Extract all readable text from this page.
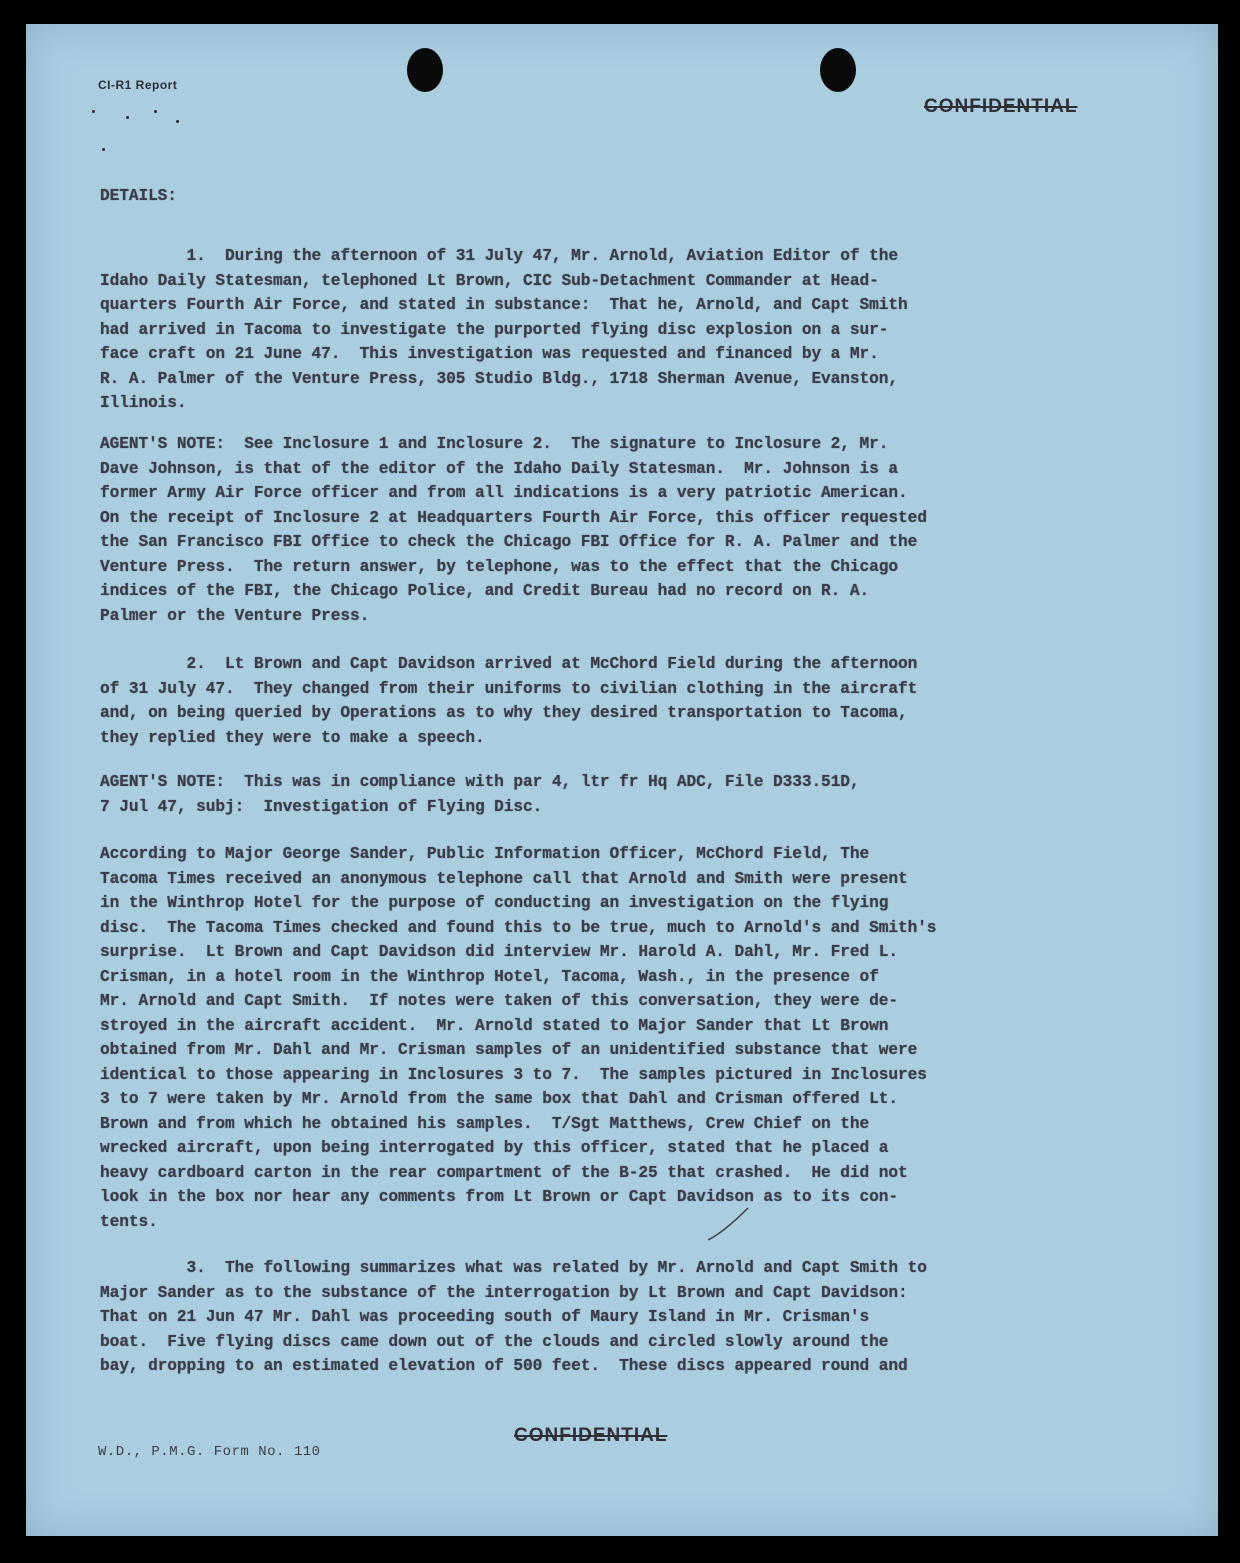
CI-R1 Report
CONFIDENTIAL
DETAILS:
1.  During the afternoon of 31 July 47, Mr. Arnold, Aviation Editor of the
Idaho Daily Statesman, telephoned Lt Brown, CIC Sub-Detachment Commander at Head-
quarters Fourth Air Force, and stated in substance:  That he, Arnold, and Capt Smith
had arrived in Tacoma to investigate the purported flying disc explosion on a sur-
face craft on 21 June 47.  This investigation was requested and financed by a Mr.
R. A. Palmer of the Venture Press, 305 Studio Bldg., 1718 Sherman Avenue, Evanston,
Illinois.
AGENT'S NOTE:  See Inclosure 1 and Inclosure 2.  The signature to Inclosure 2, Mr.
Dave Johnson, is that of the editor of the Idaho Daily Statesman.  Mr. Johnson is a
former Army Air Force officer and from all indications is a very patriotic American.
On the receipt of Inclosure 2 at Headquarters Fourth Air Force, this officer requested
the San Francisco FBI Office to check the Chicago FBI Office for R. A. Palmer and the
Venture Press.  The return answer, by telephone, was to the effect that the Chicago
indices of the FBI, the Chicago Police, and Credit Bureau had no record on R. A.
Palmer or the Venture Press.
2.  Lt Brown and Capt Davidson arrived at McChord Field during the afternoon
of 31 July 47.  They changed from their uniforms to civilian clothing in the aircraft
and, on being queried by Operations as to why they desired transportation to Tacoma,
they replied they were to make a speech.
AGENT'S NOTE:  This was in compliance with par 4, ltr fr Hq ADC, File D333.51D,
7 Jul 47, subj:  Investigation of Flying Disc.
According to Major George Sander, Public Information Officer, McChord Field, The
Tacoma Times received an anonymous telephone call that Arnold and Smith were present
in the Winthrop Hotel for the purpose of conducting an investigation on the flying
disc.  The Tacoma Times checked and found this to be true, much to Arnold's and Smith's
surprise.  Lt Brown and Capt Davidson did interview Mr. Harold A. Dahl, Mr. Fred L.
Crisman, in a hotel room in the Winthrop Hotel, Tacoma, Wash., in the presence of
Mr. Arnold and Capt Smith.  If notes were taken of this conversation, they were de-
stroyed in the aircraft accident.  Mr. Arnold stated to Major Sander that Lt Brown
obtained from Mr. Dahl and Mr. Crisman samples of an unidentified substance that were
identical to those appearing in Inclosures 3 to 7.  The samples pictured in Inclosures
3 to 7 were taken by Mr. Arnold from the same box that Dahl and Crisman offered Lt.
Brown and from which he obtained his samples.  T/Sgt Matthews, Crew Chief on the
wrecked aircraft, upon being interrogated by this officer, stated that he placed a
heavy cardboard carton in the rear compartment of the B-25 that crashed.  He did not
look in the box nor hear any comments from Lt Brown or Capt Davidson as to its con-
tents.
3.  The following summarizes what was related by Mr. Arnold and Capt Smith to
Major Sander as to the substance of the interrogation by Lt Brown and Capt Davidson:
That on 21 Jun 47 Mr. Dahl was proceeding south of Maury Island in Mr. Crisman's
boat.  Five flying discs came down out of the clouds and circled slowly around the
bay, dropping to an estimated elevation of 500 feet.  These discs appeared round and
CONFIDENTIAL
W.D., P.M.G. Form No. 110
